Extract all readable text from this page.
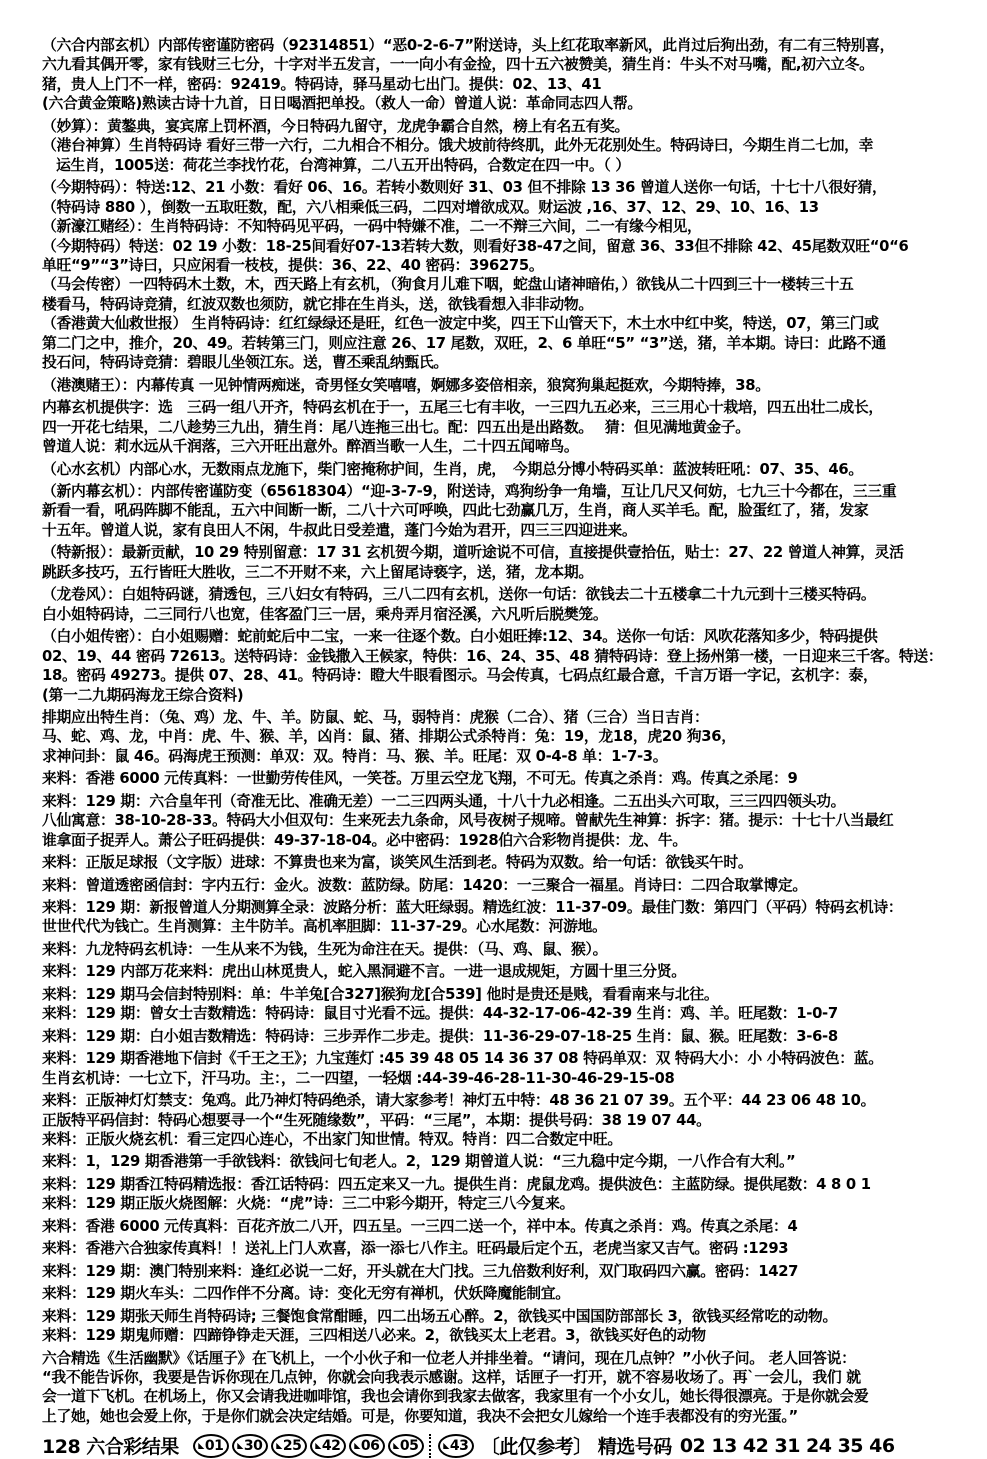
（六合内部玄机）内部传密谨防密码（92314851）“恶0-2-6-7”附送诗，头上红花取率新风，此肖过后狗出劲，有二有三特别喜，
六九看其偶开零，家有钱财三七分，十字对半五发言，一一向小有金捡，四十五六被赞美，猜生肖：牛头不对马嘴，配,初六立冬。
猪，贵人上门不一样，密码：92419。特码诗，驿马星动七出门。提供：02、13、41
(六合黄金策略)熟读古诗十九首，日日喝酒把单投。（救人一命）曾道人说：革命同志四人帮。
（妙算）：黄鏊典，宴宾席上罚杯酒，今日特码九留守，龙虎争霸合自然，榜上有名五有奖。
（港台神算）生肖特码诗 看好三带一六行，二九相合不相分。饿犬坡前待终肌，此外无花别处生。特码诗曰，今期生肖二七加，幸
运生肖，1005送：荷花兰李找竹花，台湾神算，二八五开出特码，合数定在四一中。（ ）
（今期特码）：特送:12、21 小数：看好 06、16。若转小数则好 31、03 但不排除 13 36 曾道人送你一句话，十七十八很好猜，
（特码诗 880 ），倒数一五取旺数，配，六八相乘低三码，二四对增欲成双。财运波 ,16、37、12、29、10、16、13
（新濠江赌经）：生肖特码诗：不知特码见平码，一码中特嫌不准，二一不辩三六间，二一有缘今相见，
（今期特码）特送：02 19 小数：18-25间看好07-13若转大数，则看好38-47之间，留意 36、33但不排除 42、45尾数双旺“0“6
单旺“9”“3”诗曰，只应闲看一枝枝，提供：36、22、40 密码：396275。
（马会传密）一四特码木土数，木，西天路上有玄机，（狗食月儿难下咽，蛇盘山诸神暗佑，）欲钱从二十四到三十一楼转三十五
楼看马，特码诗竞猜，红波双数也须防，就它排在生肖头，送，欲钱看想入非非动物。
（香港黄大仙救世报） 生肖特码诗：红红绿绿还是旺，红色一波定中奖，四王下山管天下，木土水中红中奖，特送，07，第三门或
第二门之中，推介，20、49。若转第三门，则应注意 26、17 尾数，双旺，2、6 单旺“5” “3”送，猪，羊本期。诗曰：此路不通
投石问，特码诗竞猜：碧眼儿坐领江东。送，曹丕乘乱纳甄氏。
（港澳赌王）：内幕传真 一见钟情两痴迷，奇男怪女笑嘻嘻，婀娜多姿倍相亲，狼窝狗巢起挺欢，今期特捧，38。
内幕玄机提供字：选　三码一组八开齐，特码玄机在于一，五尾三七有丰收，一三四九五必来，三三用心十栽培，四五出壮二成长，
四一开花七结果，二八趁势三九出，猜生肖：尾八连拖三出七。配：四五出是出路数。　 猜：但见满地黄金子。
曾道人说：莉水远从千润落，三六开旺出意外。醉酒当歌一人生，二十四五闻啼鸟。
（心水玄机）内部心水，无数雨点龙施下，柴门密掩称护间，生肖，虎，　今期总分博小特码买单：蓝波转旺吼：07、35、46。
（新内幕玄机）：内部传密谨防变（65618304）“迎-3-7-9，附送诗，鸡狗纷争一角墙，互让几尺又何妨，七九三十今都在，三三重
新看一看，吼码阵脚不能乱，五六中间断一断，二八十六可呼唤，四此七劲赢几万，生肖，商人买羊毛。配，脸蛋红了，猪，发家
十五年。曾道人说，家有良田人不闲，牛叔此日受差遣，蓬门今始为君开，四三三四迎进来。
（特新报）：最新贡献，10 29 特别留意：17 31 玄机贺今期，道听途说不可信，直接提供壹拾伍，贴士：27、22 曾道人神算，灵活
跳跃多技巧，五行皆旺大胜收，三二不开财不来，六上留尾诗亵字，送，猪，龙本期。
（龙卷风）：白姐特码谜，猜透包，三八妇女有特码，三八二四有玄机，送你一句话：欲钱去二十五楼拿二十九元到十三楼买特码。
白小姐特码诗，二三同行八也宽，佳客盈门三一居，乘舟弄月宿泾溪，六凡听后脱樊笼。
（白小姐传密）：白小姐赐赠：蛇前蛇后中二宝，一来一往逐个数。白小姐旺捧:12、34。送你一句话：风吹花落知多少，特码提供
02、19、44 密码 72613。送特码诗：金钱撒入王候家，特供：16、24、35、48 猜特码诗：登上扬州第一楼，一日迎来三千客。特送：
18。密码 49273。提供 07、28、41。特码诗：瞪大牛眼看图示。马会传真，七码点红最合意，千言万语一字记，玄机字：泰，
(第一二九期码海龙王综合资料)
排期应出特生肖：（兔、鸡）龙、牛、羊。防鼠、蛇、马，弱特肖：虎猴（二合）、猪（三合）当日吉肖：
马、蛇、鸡、龙，中肖：虎、牛、猴、羊，凶肖：鼠、猪、排期公式杀特肖：兔：19，龙18，虎20 狗36，
求神问卦：鼠 46。码海虎王预测：单双：双。特肖：马、猴、羊。旺尾：双 0-4-8 单：1-7-3。
来料：香港 6000 元传真料：一世勤劳传佳风，一笑苍。万里云空龙飞翔，不可无。传真之杀肖：鸡。传真之杀尾：9
来料：129 期：六合皇年刊（奇准无比、准确无差）一二三四两头通，十八十九必相逢。二五出头六可取，三三四四领头功。
八仙寓意：38-10-28-33。特码大小但双句：生来死去九条命，风号夜树子规啼。曾献先生神算：拆字：猪。提示：十七十八当最红
谁拿面子捉弄人。萧公子旺码提供：49-37-18-04。必中密码：1928伯六合彩物肖提供：龙、牛。
来料：正版足球报（文字版）进球：不算贵也来为富，谈笑风生活到老。特码为双数。给一句话：欲钱买午时。
来料：曾道透密函信封：字内五行：金火。波数：蓝防绿。防尾：1420：一三聚合一福星。肖诗曰：二四合取掌博定。
来料：129 期：新报曾道人分期测算全录：波路分析：蓝大旺绿弱。精选红波：11-37-09。最佳门数：第四门（平码）特码玄机诗：
世世代代为钱亡。生肖测算：主牛防羊。高机率胆脚：11-37-29。心水尾数：河游地。
来料：九龙特码玄机诗：一生从来不为钱，生死为命注在天。提供：（马、鸡、鼠、猴）。
来料：129 内部万花来料：虎出山林觅贵人，蛇入黑洞避不言。一进一退成规矩，方圆十里三分贤。
来料：129 期马会信封特别料：单：牛羊兔[合327]猴狗龙[合539] 他时是贵还是贱，看看南来与北往。
来料：129 期：曾女士吉数精选：特码诗：鼠目寸光看不远。提供：44-32-17-06-42-39 生肖：鸡、羊。旺尾数：1-0-7
来料：129 期：白小姐吉数精选：特码诗：三步弄作二步走。提供：11-36-29-07-18-25 生肖：鼠、猴。旺尾数：3-6-8
来料：129 期香港地下信封《千王之王》；九宝莲灯 :45 39 48 05 14 36 37 08 特码单双：双 特码大小：小 小特码波色：蓝。
生肖玄机诗：一七立下，汗马功。主：，二一四望，一轻烟 :44-39-46-28-11-30-46-29-15-08
来料：正版神灯灯禁支：兔鸡。此乃神灯特码绝杀，请大家参考！神灯五中特：48 36 21 07 39。五个平：44 23 06 48 10。
正版特平码信封：特码心想要寻一个“生死随缘数”，平码：“三尾”，本期：提供号码：38 19 07 44。
来料：正版火烧玄机：看三定四心连心，不出家门知世情。特双。特肖：四二合数定中旺。
来料：1，129 期香港第一手欲钱料：欲钱问七旬老人。2，129 期曾道人说：“三九稳中定今期，一八作合有大利。”
来料：129 期香江特码精选报：香江话特码：四五定来又一九。提供生肖：虎鼠龙鸡。提供波色：主蓝防绿。提供尾数：4 8 0 1
来料：129 期正版火烧图解：火烧：“虎”诗：三二中彩今期开，特定三八今复来。
来料：香港 6000 元传真料：百花齐放二八开，四五呈。一三四二送一个，祥中本。传真之杀肖：鸡。传真之杀尾：4
来料：香港六合独家传真料！！送礼上门人欢喜，添一添七八作主。旺码最后定个五，老虎当家又吉气。密码 :1293
来料：129 期：澳门特别来料：逢红必说一二好，开头就在大门找。三九倍数利好利，双门取码四六赢。密码：1427
来料：129 期火车头：二四作伴不分离。诗：变化无穷有禅机，伏妖降魔能制宜。
来料：129 期张天师生肖特码诗; 三餐饱食常酣睡，四二出场五心醉。2，欲钱买中国国防部部长 3，欲钱买经常吃的动物。
来料：129 期鬼师赠：四蹄铮铮走天涯，三四相送八必来。2，欲钱买太上老君。3，欲钱买好色的动物
六合精选《生活幽默》《话厘子》在飞机上，一个小伙子和一位老人并排坐着。“请问，现在几点钟？”小伙子问。 老人回答说：
“我不能告诉你，我要是告诉你现在几点钟，你就会向我表示感谢。这样，话匣子一打开，就不容易收场了。再`一会儿，我们 就
会一道下飞机。在机场上，你又会请我进咖啡馆，我也会请你到我家去做客，我家里有一个小女儿，她长得很漂亮。于是你就会爱
上了她，她也会爱上你，于是你们就会决定结婚。可是，你要知道，我决不会把女儿嫁给一个连手表都没有的穷光蛋。”
128 六合彩结果 ◣ 01 ◣ 30 ◣ 25 ◣ 42 ◣ 06 ◣ 05	◣ 43 〔此仅参考〕 精选号码 02 13 42 31 24 35 46
